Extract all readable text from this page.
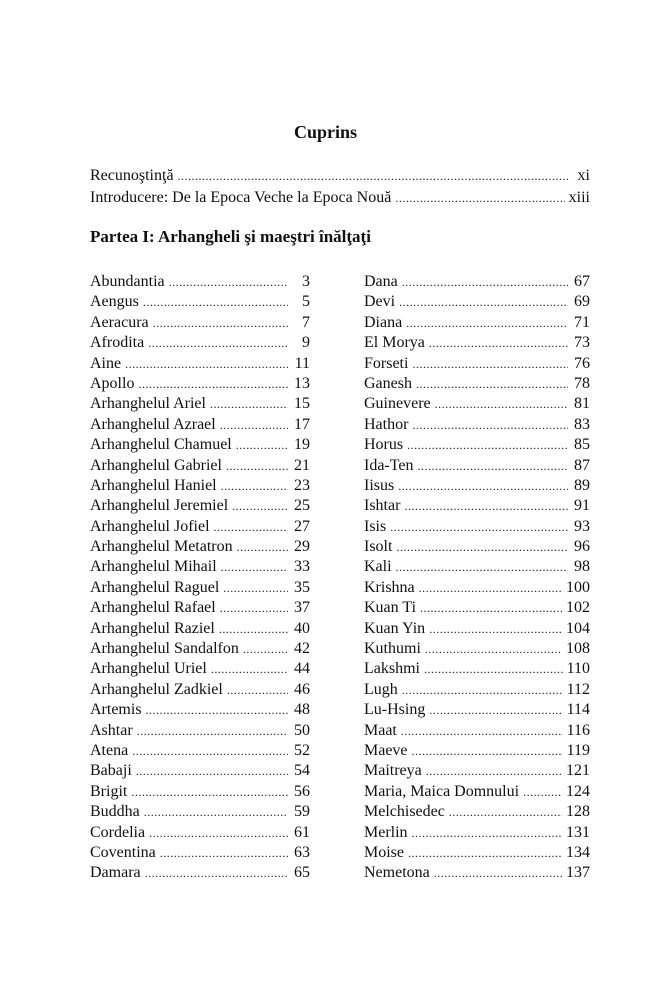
Cuprins
Recunoştinţă .....	xi
Introducere: De la Epoca Veche la Epoca Nouă .....	xiii
Partea I: Arhangheli şi maeştri înălţaţi
Abundantia .....	3
Aengus .....	5
Aeracura .....	7
Afrodita .....	9
Aine .....	11
Apollo .....	13
Arhanghelul Ariel .....	15
Arhanghelul Azrael .....	17
Arhanghelul Chamuel .....	19
Arhanghelul Gabriel .....	21
Arhanghelul Haniel .....	23
Arhanghelul Jeremiel .....	25
Arhanghelul Jofiel .....	27
Arhanghelul Metatron .....	29
Arhanghelul Mihail .....	33
Arhanghelul Raguel .....	35
Arhanghelul Rafael .....	37
Arhanghelul Raziel .....	40
Arhanghelul Sandalfon .....	42
Arhanghelul Uriel .....	44
Arhanghelul Zadkiel .....	46
Artemis .....	48
Ashtar .....	50
Atena .....	52
Babaji .....	54
Brigit .....	56
Buddha .....	59
Cordelia .....	61
Coventina .....	63
Damara .....	65
Dana .....	67
Devi .....	69
Diana .....	71
El Morya .....	73
Forseti .....	76
Ganesh .....	78
Guinevere .....	81
Hathor .....	83
Horus .....	85
Ida-Ten .....	87
Iisus .....	89
Ishtar .....	91
Isis .....	93
Isolt .....	96
Kali .....	98
Krishna .....	100
Kuan Ti .....	102
Kuan Yin .....	104
Kuthumi .....	108
Lakshmi .....	110
Lugh .....	112
Lu-Hsing .....	114
Maat .....	116
Maeve .....	119
Maitreya .....	121
Maria, Maica Domnului .....	124
Melchisedec .....	128
Merlin .....	131
Moise .....	134
Nemetona .....	137
